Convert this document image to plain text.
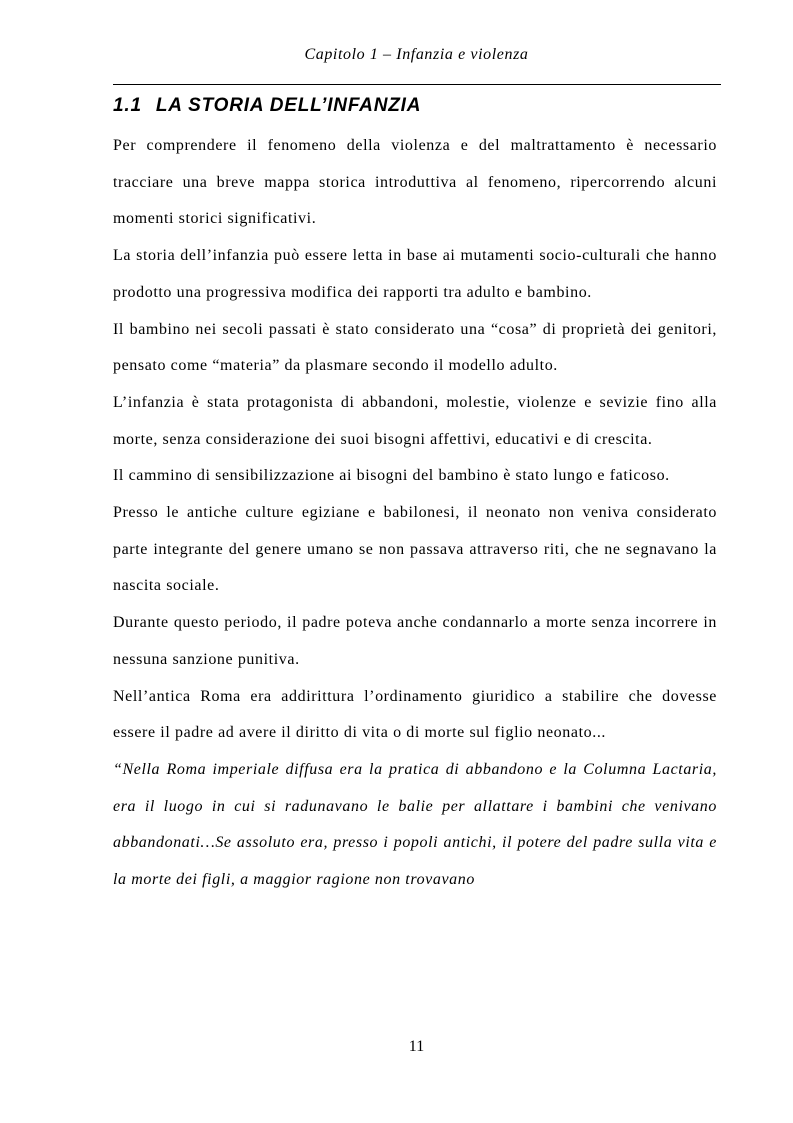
Capitolo 1 – Infanzia e violenza
1.1 LA STORIA DELL’INFANZIA

Per comprendere il fenomeno della violenza e del maltrattamento è necessario tracciare una breve mappa storica introduttiva al fenomeno, ripercorrendo alcuni momenti storici significativi.

La storia dell’infanzia può essere letta in base ai mutamenti socio-culturali che hanno prodotto una progressiva modifica dei rapporti tra adulto e bambino.

Il bambino nei secoli passati è stato considerato una “cosa” di proprietà dei genitori, pensato come “materia” da plasmare secondo il modello adulto.

L’infanzia è stata protagonista di abbandoni, molestie, violenze e sevizie fino alla morte, senza considerazione dei suoi bisogni affettivi, educativi e di crescita.

Il cammino di sensibilizzazione ai bisogni del bambino è stato lungo e faticoso.

Presso le antiche culture egiziane e babilonesi, il neonato non veniva considerato parte integrante del genere umano se non passava attraverso riti, che ne segnavano la nascita sociale.

Durante questo periodo, il padre poteva anche condannarlo a morte senza incorrere in nessuna sanzione punitiva.

Nell’antica Roma era addirittura l’ordinamento giuridico a stabilire che dovesse essere il padre ad avere il diritto di vita o di morte sul figlio neonato...

“Nella Roma imperiale diffusa era la pratica di abbandono e la Columna Lactaria, era il luogo in cui si radunavano le balie per allattare i bambini che venivano abbandonati…Se assoluto era, presso i popoli antichi, il potere del padre sulla vita e la morte dei figli, a maggior ragione non trovavano

11
